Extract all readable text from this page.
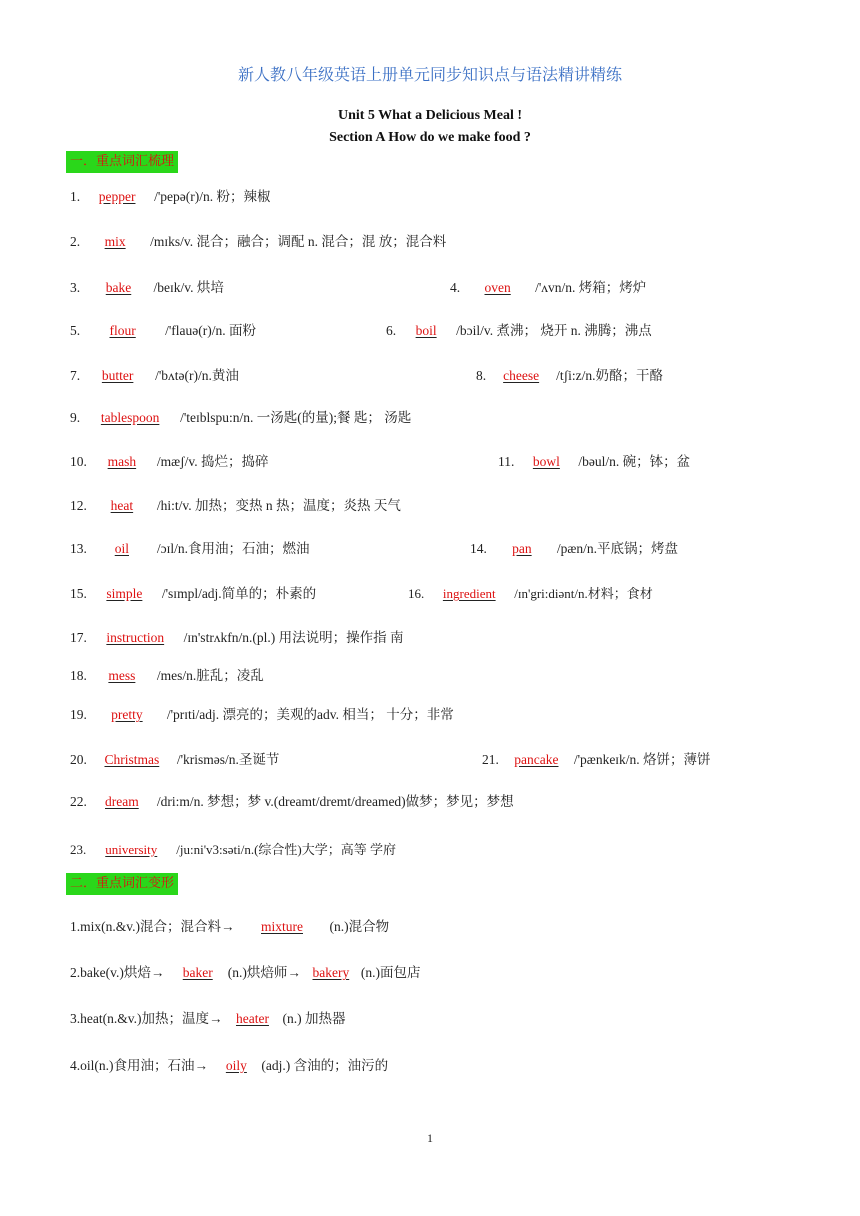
新人教八年级英语上册单元同步知识点与语法精讲精练
Unit 5 What a Delicious Meal !
Section A How do we make food ?
一．重点词汇梳理
1. pepper /'pepə(r)/n. 粉；辣椒
2. mix /mɪks/v. 混合；融合；调配 n. 混合；混 放；混合料
3. bake /beɪk/v. 烘培	4. oven /'ʌvn/n. 烤箱；烤炉
5. flour /'flauə(r)/n. 面粉	6. boil /bɔil/v. 煮沸； 烧开 n. 沸腾；沸点
7. butter /'bʌtə(r)/n.黄油	8. cheese /tʃi:z/n.奶酪；干酪
9. tablespoon /'teɪblspu:n/n. 一汤匙(的量);餐 匙； 汤匙
10. mash /mæʃ/v. 捣烂；捣碎	11. bowl /bəul/n. 碗；钵；盆
12. heat /hi:t/v. 加热；变热 n 热；温度；炎热 天气
13. oil /ɔɪl/n.食用油；石油；燃油	14. pan /pæn/n.平底锅；烤盘
15. simple /'sɪmpl/adj.简单的；朴素的	16. ingredient /ɪn'gri:diənt/n.材料；食材
17. instruction /ɪn'strʌkfn/n.(pl.) 用法说明；操作指 南
18. mess /mes/n.脏乱；凌乱
19. pretty /'prɪti/adj. 漂亮的；美观的adv. 相当； 十分；非常
20. Christmas /'krisməs/n.圣诞节	21. pancake/'pænkeɪk/n. 烙饼；薄饼
22. dream /dri:m/n. 梦想；梦 v.(dreamt/dremt/dreamed)做梦；梦见；梦想
23. university /ju:ni'v3:səti/n.(综合性)大学；高等 学府
二．重点词汇变形
1.mix(n.&v.)混合；混合料→ mixture (n.)混合物
2.bake(v.)烘焙→ baker (n.)烘焙师→ bakery(n.)面包店
3.heat(n.&v.)加热；温度→ heater(n.) 加热器
4.oil(n.)食用油；石油→ oily (adj.) 含油的；油污的
1
